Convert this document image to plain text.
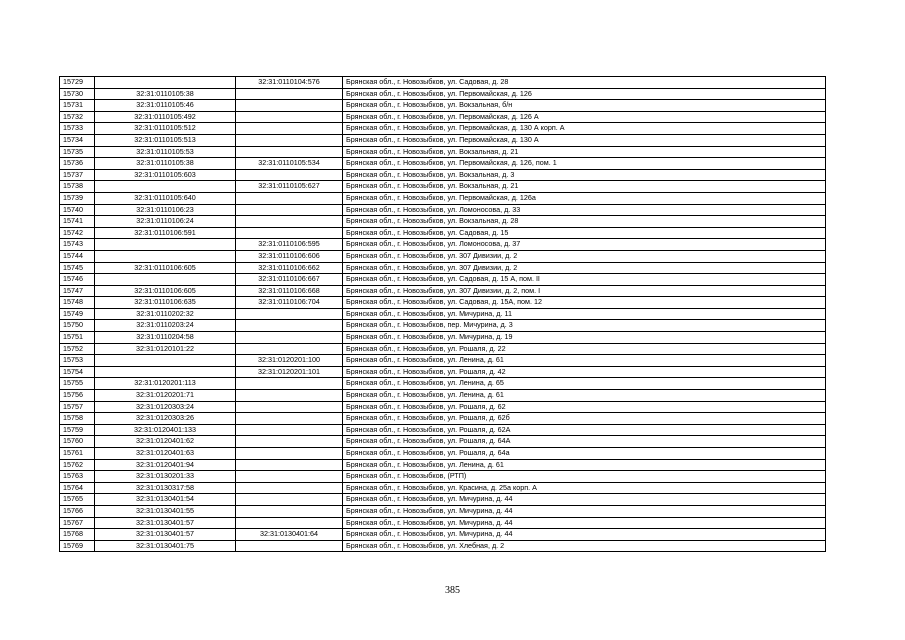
15729		32:31:0110104:576	Брянская обл., г. Новозыбков, ул. Садовая, д. 28
15730	32:31:0110105:38		Брянская обл., г. Новозыбков, ул. Первомайская, д. 126
15731	32:31:0110105:46		Брянская обл., г. Новозыбков, ул. Вокзальная, б/н
15732	32:31:0110105:492		Брянская обл., г. Новозыбков, ул. Первомайская, д. 126 А
15733	32:31:0110105:512		Брянская обл., г. Новозыбков, ул. Первомайская, д. 130 А корп. А
15734	32:31:0110105:513		Брянская обл., г. Новозыбков, ул. Первомайская, д. 130 А
15735	32:31:0110105:53		Брянская обл., г. Новозыбков, ул. Вокзальная, д. 21
15736	32:31:0110105:38	32:31:0110105:534	Брянская обл., г. Новозыбков, ул. Первомайская, д. 126, пом. 1
15737	32:31:0110105:603		Брянская обл., г. Новозыбков, ул. Вокзальная, д. 3
15738		32:31:0110105:627	Брянская обл., г. Новозыбков, ул. Вокзальная, д. 21
15739	32:31:0110105:640		Брянская обл., г. Новозыбков, ул. Первомайская, д. 126а
15740	32:31:0110106:23		Брянская обл., г. Новозыбков, ул. Ломоносова, д. 33
15741	32:31:0110106:24		Брянская обл., г. Новозыбков, ул. Вокзальная, д. 28
15742	32:31:0110106:591		Брянская обл., г. Новозыбков, ул. Садовая, д. 15
15743		32:31:0110106:595	Брянская обл., г. Новозыбков, ул. Ломоносова, д. 37
15744		32:31:0110106:606	Брянская обл., г. Новозыбков, ул. 307 Дивизии, д. 2
15745	32:31:0110106:605	32:31:0110106:662	Брянская обл., г. Новозыбков, ул. 307 Дивизии, д. 2
15746		32:31:0110106:667	Брянская обл., г. Новозыбков, ул. Садовая, д. 15 А, пом. II
15747	32:31:0110106:605	32:31:0110106:668	Брянская обл., г. Новозыбков, ул. 307 Дивизии, д. 2, пом. I
15748	32:31:0110106:635	32:31:0110106:704	Брянская обл., г. Новозыбков, ул. Садовая, д. 15А, пом. 12
15749	32:31:0110202:32		Брянская обл., г. Новозыбков, ул. Мичурина, д. 11
15750	32:31:0110203:24		Брянская обл., г. Новозыбков, пер. Мичурина, д. 3
15751	32:31:0110204:58		Брянская обл., г. Новозыбков, ул. Мичурина, д. 19
15752	32:31:0120101:22		Брянская обл., г. Новозыбков, ул. Рошаля, д. 22
15753		32:31:0120201:100	Брянская обл., г. Новозыбков, ул. Ленина, д. 61
15754		32:31:0120201:101	Брянская обл., г. Новозыбков, ул. Рошаля, д. 42
15755	32:31:0120201:113		Брянская обл., г. Новозыбков, ул. Ленина, д. 65
15756	32:31:0120201:71		Брянская обл., г. Новозыбков, ул. Ленина, д. 61
15757	32:31:0120303:24		Брянская обл., г. Новозыбков, ул. Рошаля, д. 62
15758	32:31:0120303:26		Брянская обл., г. Новозыбков, ул. Рошаля, д. 62б
15759	32:31:0120401:133		Брянская обл., г. Новозыбков, ул. Рошаля, д. 62А
15760	32:31:0120401:62		Брянская обл., г. Новозыбков, ул. Рошаля, д. 64А
15761	32:31:0120401:63		Брянская обл., г. Новозыбков, ул. Рошаля, д. 64а
15762	32:31:0120401:94		Брянская обл., г. Новозыбков, ул. Ленина, д. 61
15763	32:31:0130201:33		Брянская обл., г. Новозыбков, (РТП)
15764	32:31:0130317:58		Брянская обл., г. Новозыбков, ул. Красина, д. 25а корп. А
15765	32:31:0130401:54		Брянская обл., г. Новозыбков, ул. Мичурина, д. 44
15766	32:31:0130401:55		Брянская обл., г. Новозыбков, ул. Мичурина, д. 44
15767	32:31:0130401:57		Брянская обл., г. Новозыбков, ул. Мичурина, д. 44
15768	32:31:0130401:57	32:31:0130401:64	Брянская обл., г. Новозыбков, ул. Мичурина, д. 44
15769	32:31:0130401:75		Брянская обл., г. Новозыбков, ул. Хлебная, д. 2
385
